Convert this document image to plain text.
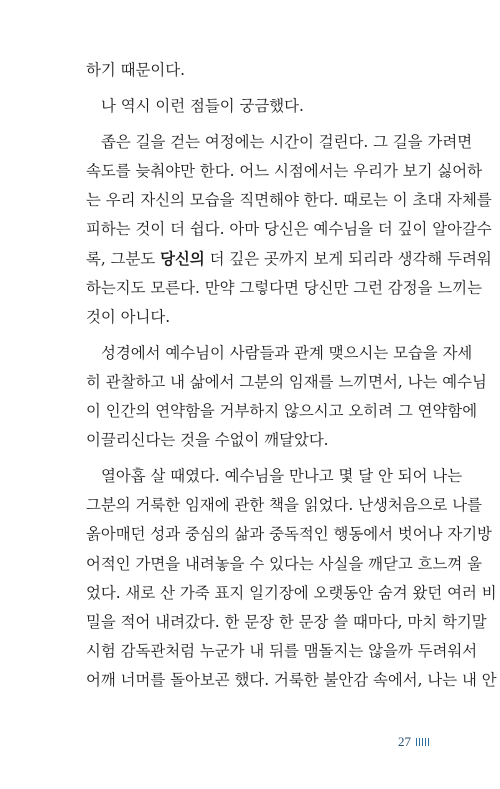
하기 때문이다.
나 역시 이런 점들이 궁금했다.
좁은 길을 걷는 여정에는 시간이 걸린다. 그 길을 가려면
속도를 늦춰야만 한다. 어느 시점에서는 우리가 보기 싫어하
는 우리 자신의 모습을 직면해야 한다. 때로는 이 초대 자체를
피하는 것이 더 쉽다. 아마 당신은 예수님을 더 깊이 알아갈수
록, 그분도 당신의 더 깊은 곳까지 보게 되리라 생각해 두려워
하는지도 모른다. 만약 그렇다면 당신만 그런 감정을 느끼는
것이 아니다.
성경에서 예수님이 사람들과 관계 맺으시는 모습을 자세
히 관찰하고 내 삶에서 그분의 임재를 느끼면서, 나는 예수님
이 인간의 연약함을 거부하지 않으시고 오히려 그 연약함에
이끌리신다는 것을 수없이 깨달았다.
열아홉 살 때였다. 예수님을 만나고 몇 달 안 되어 나는
그분의 거룩한 임재에 관한 책을 읽었다. 난생처음으로 나를
옭아매던 성과 중심의 삶과 중독적인 행동에서 벗어나 자기방
어적인 가면을 내려놓을 수 있다는 사실을 깨닫고 흐느껴 울
었다. 새로 산 가죽 표지 일기장에 오랫동안 숨겨 왔던 여러 비
밀을 적어 내려갔다. 한 문장 한 문장 쓸 때마다, 마치 학기말
시험 감독관처럼 누군가 내 뒤를 맴돌지는 않을까 두려워서
어깨 너머를 돌아보곤 했다. 거룩한 불안감 속에서, 나는 내 안
27
